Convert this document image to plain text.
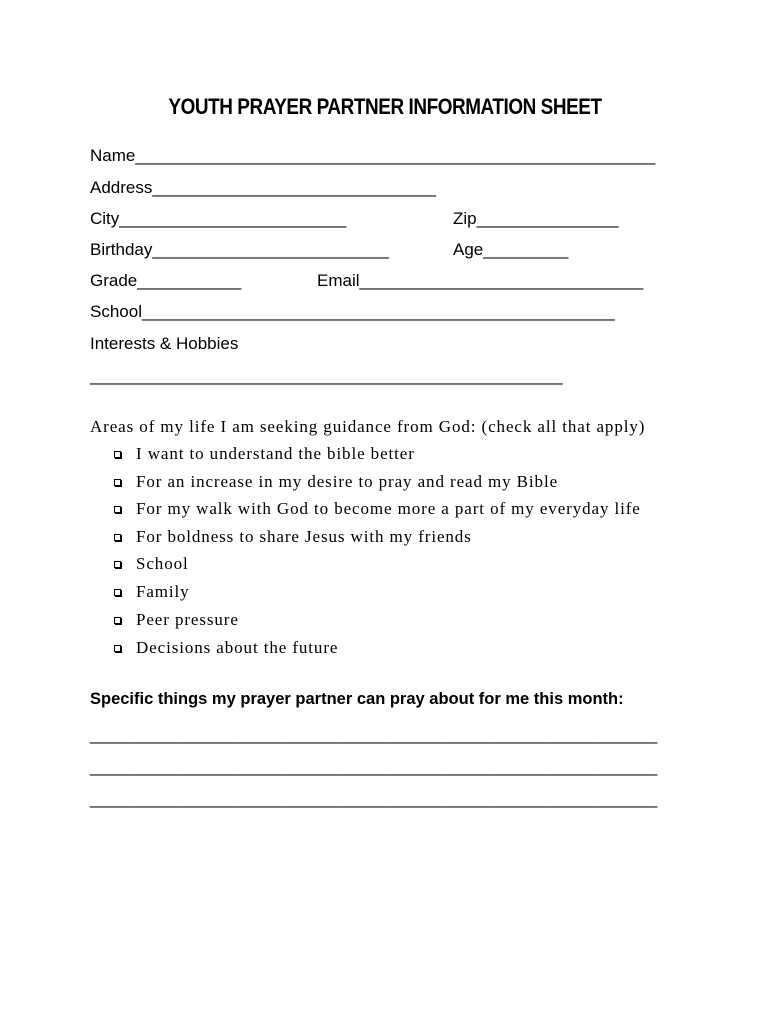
YOUTH PRAYER PARTNER INFORMATION SHEET
Name_______________________________________________________
Address______________________________
City________________________	Zip_______________
Birthday_________________________	Age_________
Grade___________	Email______________________________
School__________________________________________________
Interests & Hobbies
__________________________________________________
Areas of my life I am seeking guidance from God: (check all that apply)
I want to understand the bible better
For an increase in my desire to pray and read my Bible
For my walk with God to become more a part of my everyday life
For boldness to share Jesus with my friends
School
Family
Peer pressure
Decisions about the future
Specific things my prayer partner can pray about for me this month:
____________________________________________________________
____________________________________________________________
____________________________________________________________
